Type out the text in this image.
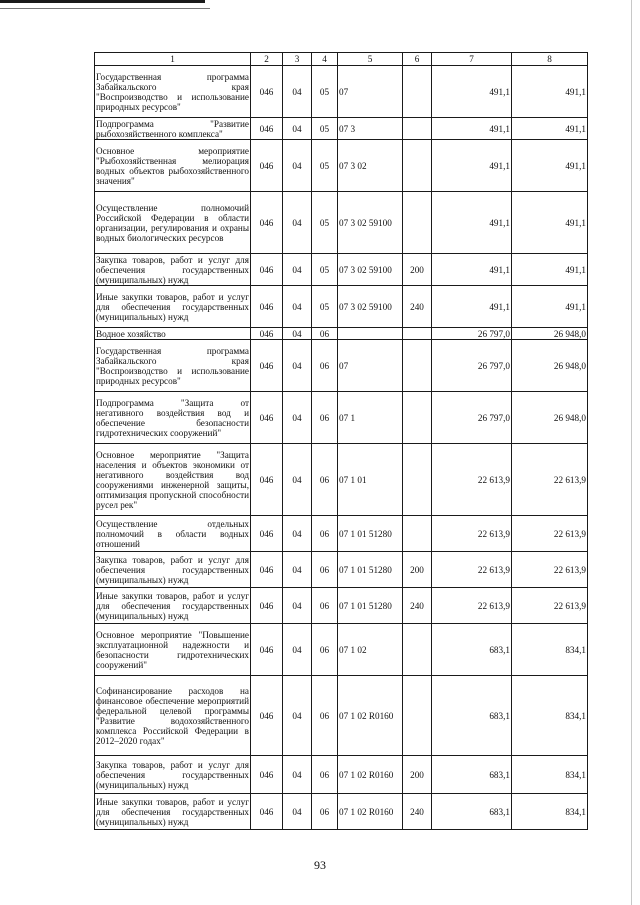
1	2	3	4	5	6	7	8
Государственная программа Забайкальского края "Воспроизводство и использование природных ресурсов"	046	04	05	07		491,1	491,1
Подпрограмма "Развитие рыбохозяйственного комплекса"	046	04	05	07 3		491,1	491,1
Основное мероприятие "Рыбохозяйственная мелиорация водных объектов рыбохозяйственного значения"	046	04	05	07 3 02		491,1	491,1
Осуществление полномочий Российской Федерации в области организации, регулирования и охраны водных биологических ресурсов	046	04	05	07 3 02 59100		491,1	491,1
Закупка товаров, работ и услуг для обеспечения государственных (муниципальных) нужд	046	04	05	07 3 02 59100	200	491,1	491,1
Иные закупки товаров, работ и услуг для обеспечения государственных (муниципальных) нужд	046	04	05	07 3 02 59100	240	491,1	491,1
Водное хозяйство	046	04	06			26 797,0	26 948,0
Государственная программа Забайкальского края "Воспроизводство и использование природных ресурсов"	046	04	06	07		26 797,0	26 948,0
Подпрограмма "Защита от негативного воздействия вод и обеспечение безопасности гидротехнических сооружений"	046	04	06	07 1		26 797,0	26 948,0
Основное мероприятие "Защита населения и объектов экономики от негативного воздействия вод сооружениями инженерной защиты, оптимизация пропускной способности русел рек"	046	04	06	07 1 01		22 613,9	22 613,9
Осуществление отдельных полномочий в области водных отношений	046	04	06	07 1 01 51280		22 613,9	22 613,9
Закупка товаров, работ и услуг для обеспечения государственных (муниципальных) нужд	046	04	06	07 1 01 51280	200	22 613,9	22 613,9
Иные закупки товаров, работ и услуг для обеспечения государственных (муниципальных) нужд	046	04	06	07 1 01 51280	240	22 613,9	22 613,9
Основное мероприятие "Повышение эксплуатационной надежности и безопасности гидротехнических сооружений"	046	04	06	07 1 02		683,1	834,1
Софинансирование расходов на финансовое обеспечение мероприятий федеральной целевой программы "Развитие водохозяйственного комплекса Российской Федерации в 2012–2020 годах"	046	04	06	07 1 02 R0160		683,1	834,1
Закупка товаров, работ и услуг для обеспечения государственных (муниципальных) нужд	046	04	06	07 1 02 R0160	200	683,1	834,1
Иные закупки товаров, работ и услуг для обеспечения государственных (муниципальных) нужд	046	04	06	07 1 02 R0160	240	683,1	834,1
93
